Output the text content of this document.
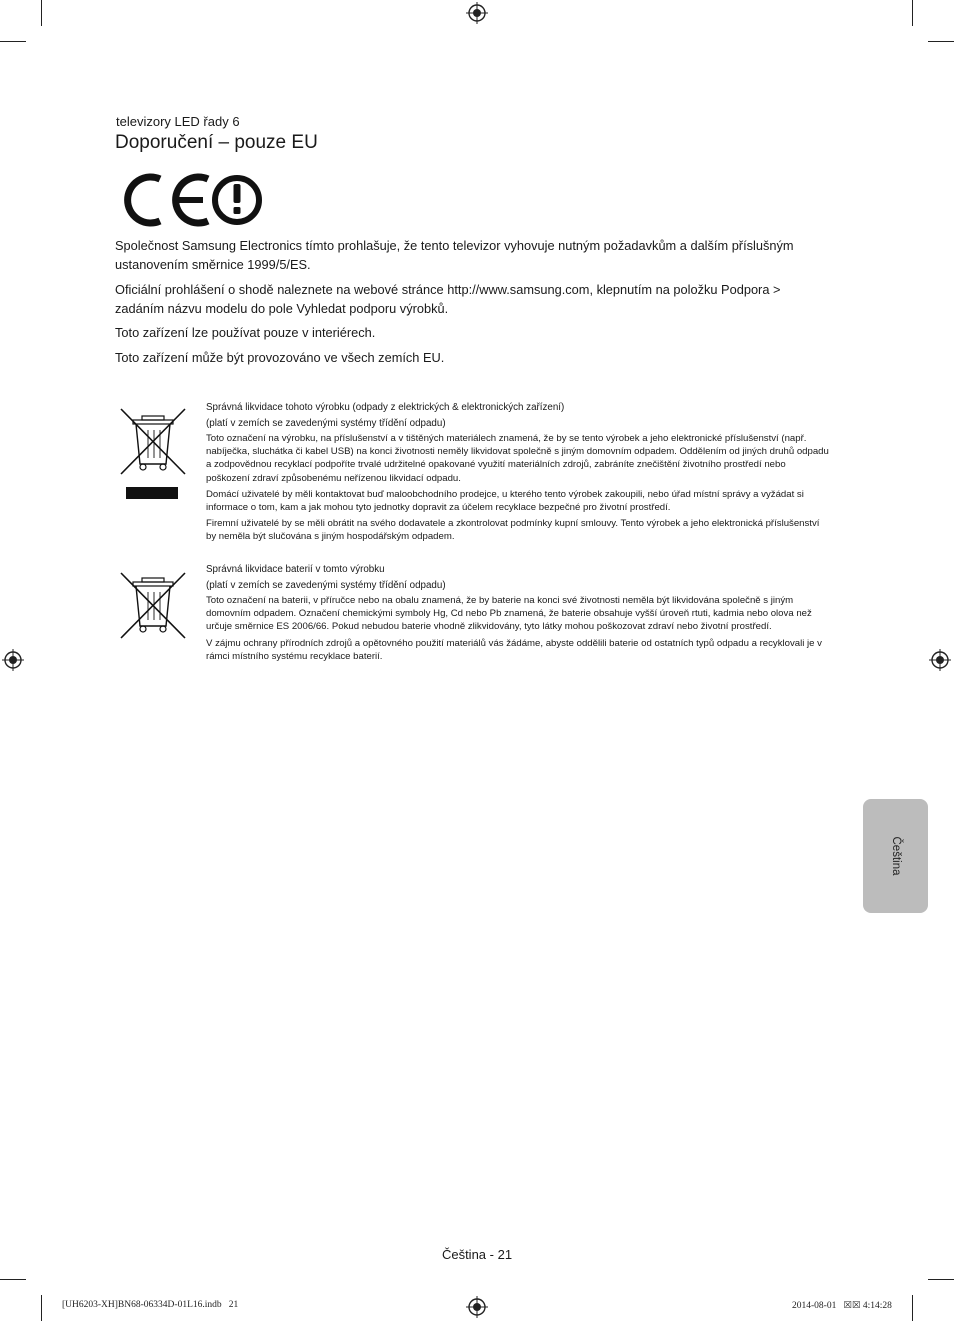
televizory LED řady 6
Doporučení – pouze EU
Společnost Samsung Electronics tímto prohlašuje, že tento televizor vyhovuje nutným požadavkům a dalším příslušným ustanovením směrnice 1999/5/ES.
Oficiální prohlášení o shodě naleznete na webové stránce http://www.samsung.com, klepnutím na položku Podpora > zadáním názvu modelu do pole Vyhledat podporu výrobků.
Toto zařízení lze používat pouze v interiérech.
Toto zařízení může být provozováno ve všech zemích EU.

Správná likvidace tohoto výrobku (odpady z elektrických & elektronických zařízení)

(platí v zemích se zavedenými systémy třídění odpadu)

Toto označení na výrobku, na příslušenství a v tištěných materiálech znamená, že by se tento výrobek a jeho elektronické příslušenství (např. nabíječka, sluchátka či kabel USB) na konci životnosti neměly likvidovat společně s jiným domovním odpadem. Oddělením od jiných druhů odpadu a zodpovědnou recyklací podpoříte trvalé udržitelné opakované využití materiálních zdrojů, zabráníte znečištění životního prostředí nebo poškození zdraví způsobenému neřízenou likvidací odpadu.

Domácí uživatelé by měli kontaktovat buď maloobchodního prodejce, u kterého tento výrobek zakoupili, nebo úřad místní správy a vyžádat si informace o tom, kam a jak mohou tyto jednotky dopravit za účelem recyklace bezpečné pro životní prostředí.

Firemní uživatelé by se měli obrátit na svého dodavatele a zkontrolovat podmínky kupní smlouvy. Tento výrobek a jeho elektronická příslušenství by neměla být slučována s jiným hospodářským odpadem.

Správná likvidace baterií v tomto výrobku

(platí v zemích se zavedenými systémy třídění odpadu)

Toto označení na baterii, v příručce nebo na obalu znamená, že by baterie na konci své životnosti neměla být likvidována společně s jiným domovním odpadem. Označení chemickými symboly Hg, Cd nebo Pb znamená, že baterie obsahuje vyšší úroveň rtuti, kadmia nebo olova než určuje směrnice ES 2006/66. Pokud nebudou baterie vhodně zlikvidovány, tyto látky mohou poškozovat zdraví nebo životní prostředí.

V zájmu ochrany přírodních zdrojů a opětovného použití materiálů vás žádáme, abyste oddělili baterie od ostatních typů odpadu a recyklovali je v rámci místního systému recyklace baterií.

Čeština
Čeština - 21
[UH6203-XH]BN68-06334D-01L16.indb   21	2014-08-01   ☒☒ 4:14:28
